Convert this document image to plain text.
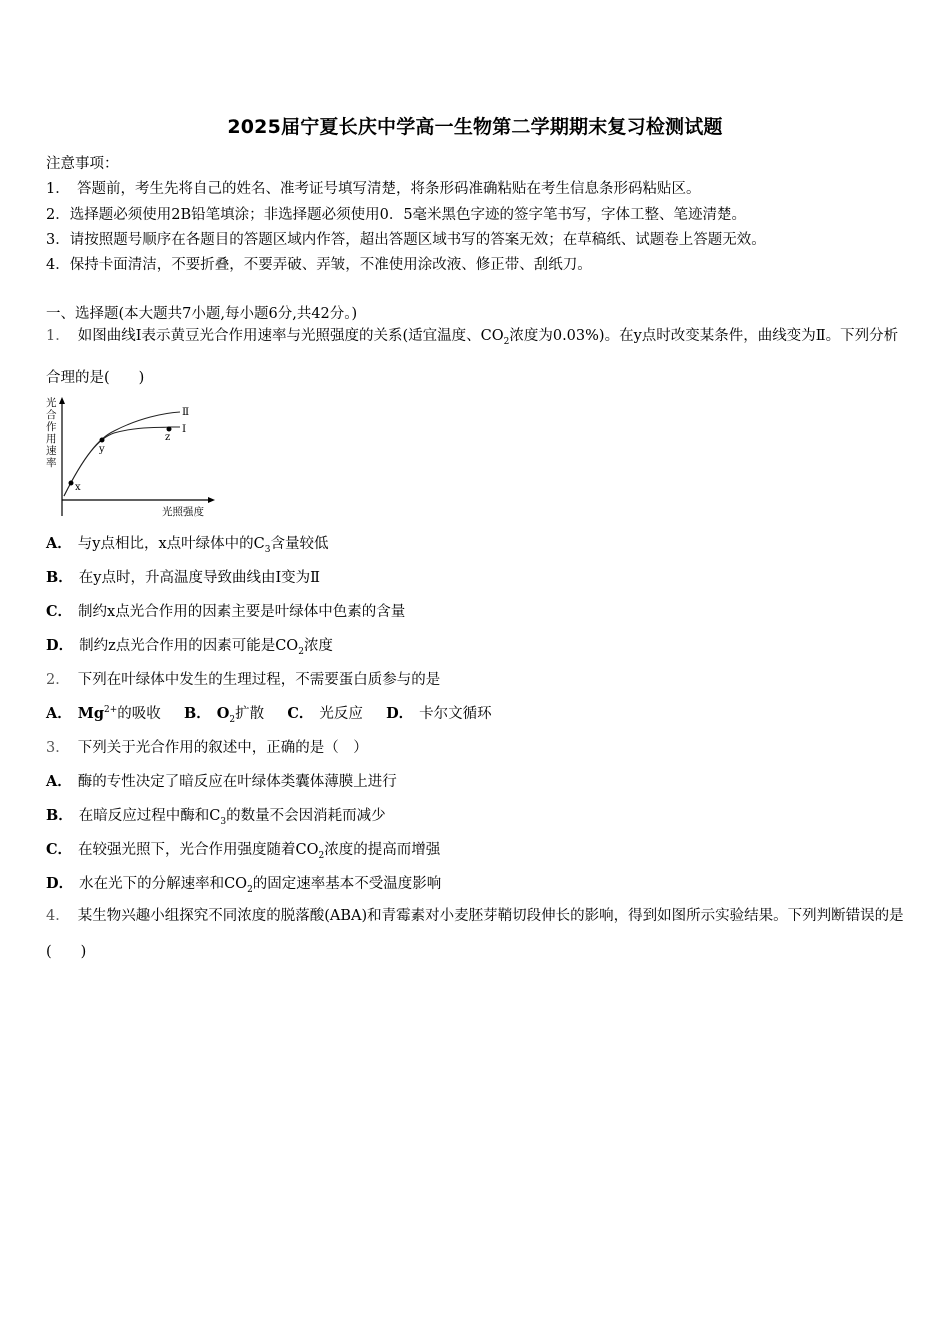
2025届宁夏长庆中学高一生物第二学期期末复习检测试题
注意事项：
1．　答题前，考生先将自己的姓名、准考证号填写清楚，将条形码准确粘贴在考生信息条形码粘贴区。
2．选择题必须使用2B铅笔填涂；非选择题必须使用0．5毫米黑色字迹的签字笔书写，字体工整、笔迹清楚。
3．请按照题号顺序在各题目的答题区域内作答，超出答题区域书写的答案无效；在草稿纸、试题卷上答题无效。
4．保持卡面清洁，不要折叠，不要弄破、弄皱，不准使用涂改液、修正带、刮纸刀。
一、选择题(本大题共7小题,每小题6分,共42分。)
1． 如图曲线Ⅰ表示黄豆光合作用速率与光照强度的关系(适宜温度、$CO_2$浓度为0.03%)。在y点时改变某条件，曲线变为Ⅱ。下列分析合理的是(　　)
光合作用速率
x
y
z
Ⅱ
Ⅰ
光照强度
A． 与y点相比，x点叶绿体中的$C_3$含量较低
B． 在y点时，升高温度导致曲线由Ⅰ变为Ⅱ
C． 制约x点光合作用的因素主要是叶绿体中色素的含量
D． 制约z点光合作用的因素可能是$CO_2$浓度
2． 下列在叶绿体中发生的生理过程，不需要蛋白质参与的是
A． $Mg^{2+}$的吸收 B． $O_2$扩散 C． 光反应 D． 卡尔文循环
3． 下列关于光合作用的叙述中，正确的是（　）
A． 酶的专性决定了暗反应在叶绿体类囊体薄膜上进行
B． 在暗反应过程中酶和$C_3$的数量不会因消耗而减少
C． 在较强光照下，光合作用强度随着$CO_2$浓度的提高而增强
D． 水在光下的分解速率和$CO_2$的固定速率基本不受温度影响
4． 某生物兴趣小组探究不同浓度的脱落酸(ABA)和青霉素对小麦胚芽鞘切段伸长的影响，得到如图所示实验结果。下列判断错误的是(　　)
